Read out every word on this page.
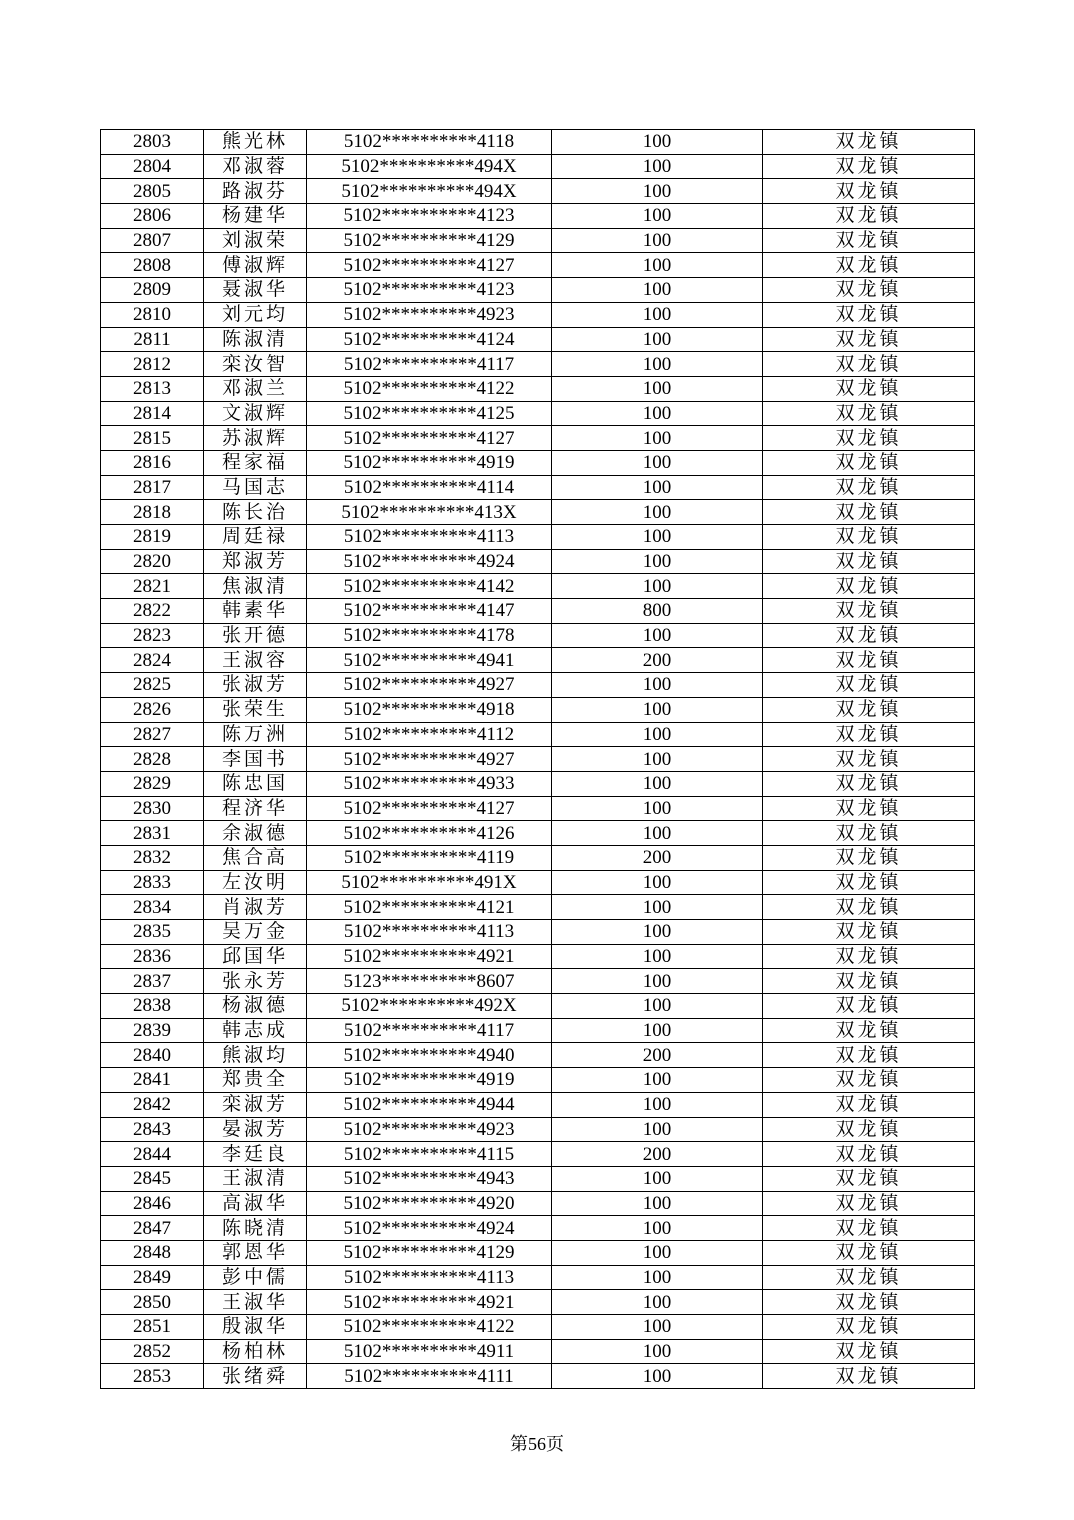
2803	熊光林	5102**********4118	100	双龙镇
2804	邓淑蓉	5102**********494X	100	双龙镇
2805	路淑芬	5102**********494X	100	双龙镇
2806	杨建华	5102**********4123	100	双龙镇
2807	刘淑荣	5102**********4129	100	双龙镇
2808	傅淑辉	5102**********4127	100	双龙镇
2809	聂淑华	5102**********4123	100	双龙镇
2810	刘元均	5102**********4923	100	双龙镇
2811	陈淑清	5102**********4124	100	双龙镇
2812	栾汝智	5102**********4117	100	双龙镇
2813	邓淑兰	5102**********4122	100	双龙镇
2814	文淑辉	5102**********4125	100	双龙镇
2815	苏淑辉	5102**********4127	100	双龙镇
2816	程家福	5102**********4919	100	双龙镇
2817	马国志	5102**********4114	100	双龙镇
2818	陈长治	5102**********413X	100	双龙镇
2819	周廷禄	5102**********4113	100	双龙镇
2820	郑淑芳	5102**********4924	100	双龙镇
2821	焦淑清	5102**********4142	100	双龙镇
2822	韩素华	5102**********4147	800	双龙镇
2823	张开德	5102**********4178	100	双龙镇
2824	王淑容	5102**********4941	200	双龙镇
2825	张淑芳	5102**********4927	100	双龙镇
2826	张荣生	5102**********4918	100	双龙镇
2827	陈万洲	5102**********4112	100	双龙镇
2828	李国书	5102**********4927	100	双龙镇
2829	陈忠国	5102**********4933	100	双龙镇
2830	程济华	5102**********4127	100	双龙镇
2831	余淑德	5102**********4126	100	双龙镇
2832	焦合高	5102**********4119	200	双龙镇
2833	左汝明	5102**********491X	100	双龙镇
2834	肖淑芳	5102**********4121	100	双龙镇
2835	吴万金	5102**********4113	100	双龙镇
2836	邱国华	5102**********4921	100	双龙镇
2837	张永芳	5123**********8607	100	双龙镇
2838	杨淑德	5102**********492X	100	双龙镇
2839	韩志成	5102**********4117	100	双龙镇
2840	熊淑均	5102**********4940	200	双龙镇
2841	郑贵全	5102**********4919	100	双龙镇
2842	栾淑芳	5102**********4944	100	双龙镇
2843	晏淑芳	5102**********4923	100	双龙镇
2844	李廷良	5102**********4115	200	双龙镇
2845	王淑清	5102**********4943	100	双龙镇
2846	高淑华	5102**********4920	100	双龙镇
2847	陈晓清	5102**********4924	100	双龙镇
2848	郭恩华	5102**********4129	100	双龙镇
2849	彭中儒	5102**********4113	100	双龙镇
2850	王淑华	5102**********4921	100	双龙镇
2851	殷淑华	5102**********4122	100	双龙镇
2852	杨柏林	5102**********4911	100	双龙镇
2853	张绪舜	5102**********4111	100	双龙镇
第56页
